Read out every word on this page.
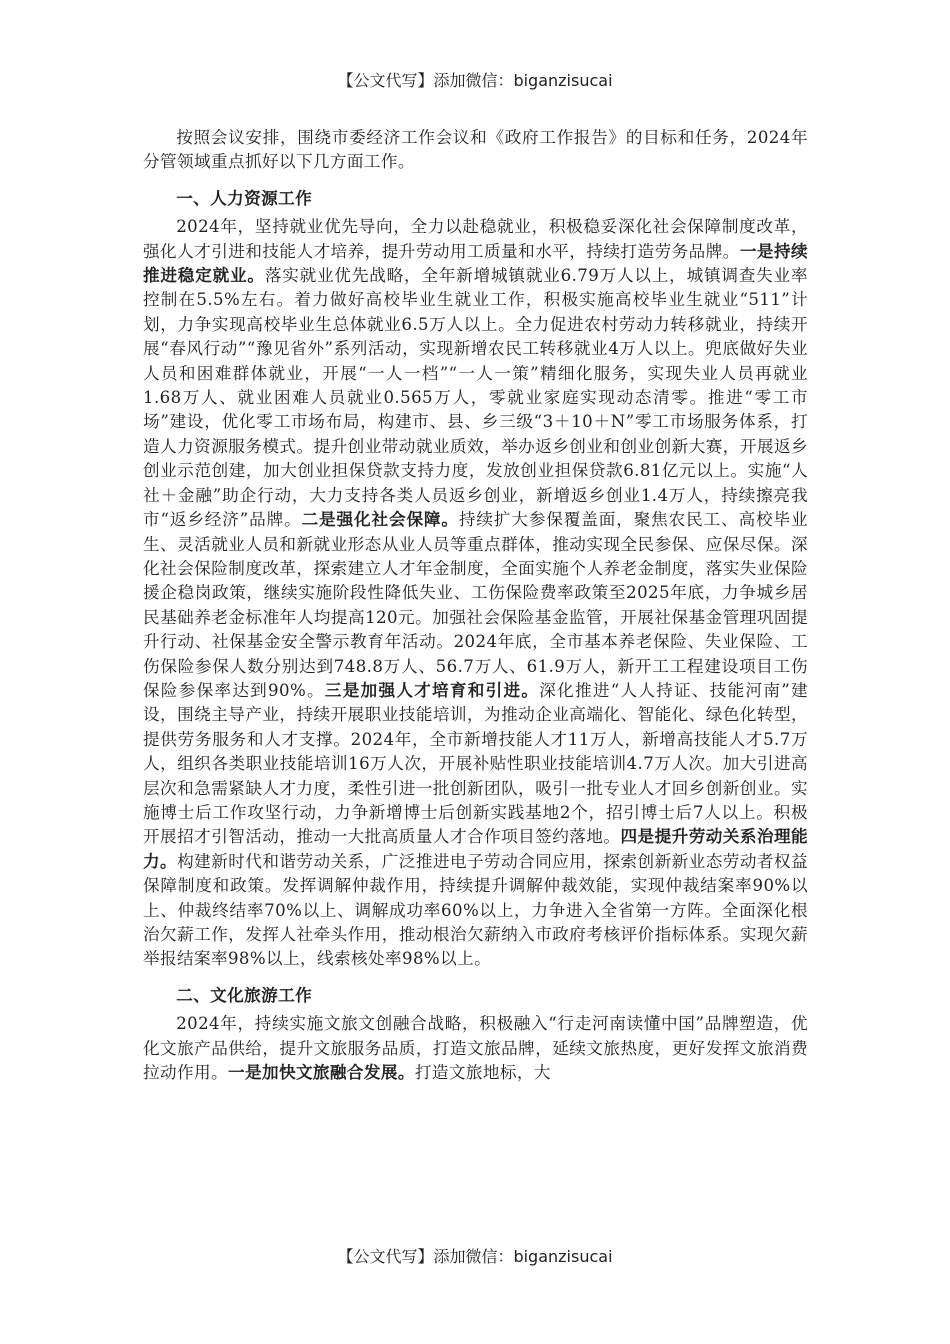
【公文代写】添加微信：biganzisucai

按照会议安排，围绕市委经济工作会议和《政府工作报告》的目标和任务，2024年分管领域重点抓好以下几方面工作。

一、人力资源工作

2024年，坚持就业优先导向，全力以赴稳就业，积极稳妥深化社会保障制度改革，强化人才引进和技能人才培养，提升劳动用工质量和水平，持续打造劳务品牌。一是持续推进稳定就业。落实就业优先战略，全年新增城镇就业6.79万人以上，城镇调查失业率控制在5.5%左右。着力做好高校毕业生就业工作，积极实施高校毕业生就业“511”计划，力争实现高校毕业生总体就业6.5万人以上。全力促进农村劳动力转移就业，持续开展“春风行动”“豫见省外”系列活动，实现新增农民工转移就业4万人以上。兜底做好失业人员和困难群体就业，开展“一人一档”“一人一策”精细化服务，实现失业人员再就业1.68万人、就业困难人员就业0.565万人，零就业家庭实现动态清零。推进“零工市场”建设，优化零工市场布局，构建市、县、乡三级“3＋10＋N”零工市场服务体系，打造人力资源服务模式。提升创业带动就业质效，举办返乡创业和创业创新大赛，开展返乡创业示范创建，加大创业担保贷款支持力度，发放创业担保贷款6.81亿元以上。实施“人社＋金融”助企行动，大力支持各类人员返乡创业，新增返乡创业1.4万人，持续擦亮我市“返乡经济”品牌。二是强化社会保障。持续扩大参保覆盖面，聚焦农民工、高校毕业生、灵活就业人员和新就业形态从业人员等重点群体，推动实现全民参保、应保尽保。深化社会保险制度改革，探索建立人才年金制度，全面实施个人养老金制度，落实失业保险援企稳岗政策，继续实施阶段性降低失业、工伤保险费率政策至2025年底，力争城乡居民基础养老金标准年人均提高120元。加强社会保险基金监管，开展社保基金管理巩固提升行动、社保基金安全警示教育年活动。2024年底，全市基本养老保险、失业保险、工伤保险参保人数分别达到748.8万人、56.7万人、61.9万人，新开工工程建设项目工伤保险参保率达到90%。三是加强人才培育和引进。深化推进“人人持证、技能河南”建设，围绕主导产业，持续开展职业技能培训，为推动企业高端化、智能化、绿色化转型，提供劳务服务和人才支撑。2024年，全市新增技能人才11万人，新增高技能人才5.7万人，组织各类职业技能培训16万人次，开展补贴性职业技能培训4.7万人次。加大引进高层次和急需紧缺人才力度，柔性引进一批创新团队，吸引一批专业人才回乡创新创业。实施博士后工作攻坚行动，力争新增博士后创新实践基地2个，招引博士后7人以上。积极开展招才引智活动，推动一大批高质量人才合作项目签约落地。四是提升劳动关系治理能力。构建新时代和谐劳动关系，广泛推进电子劳动合同应用，探索创新新业态劳动者权益保障制度和政策。发挥调解仲裁作用，持续提升调解仲裁效能，实现仲裁结案率90%以上、仲裁终结率70%以上、调解成功率60%以上，力争进入全省第一方阵。全面深化根治欠薪工作，发挥人社牵头作用，推动根治欠薪纳入市政府考核评价指标体系。实现欠薪举报结案率98%以上，线索核处率98%以上。

二、文化旅游工作

2024年，持续实施文旅文创融合战略，积极融入“行走河南读懂中国”品牌塑造，优化文旅产品供给，提升文旅服务品质，打造文旅品牌，延续文旅热度，更好发挥文旅消费拉动作用。一是加快文旅融合发展。打造文旅地标，大

【公文代写】添加微信：biganzisucai
